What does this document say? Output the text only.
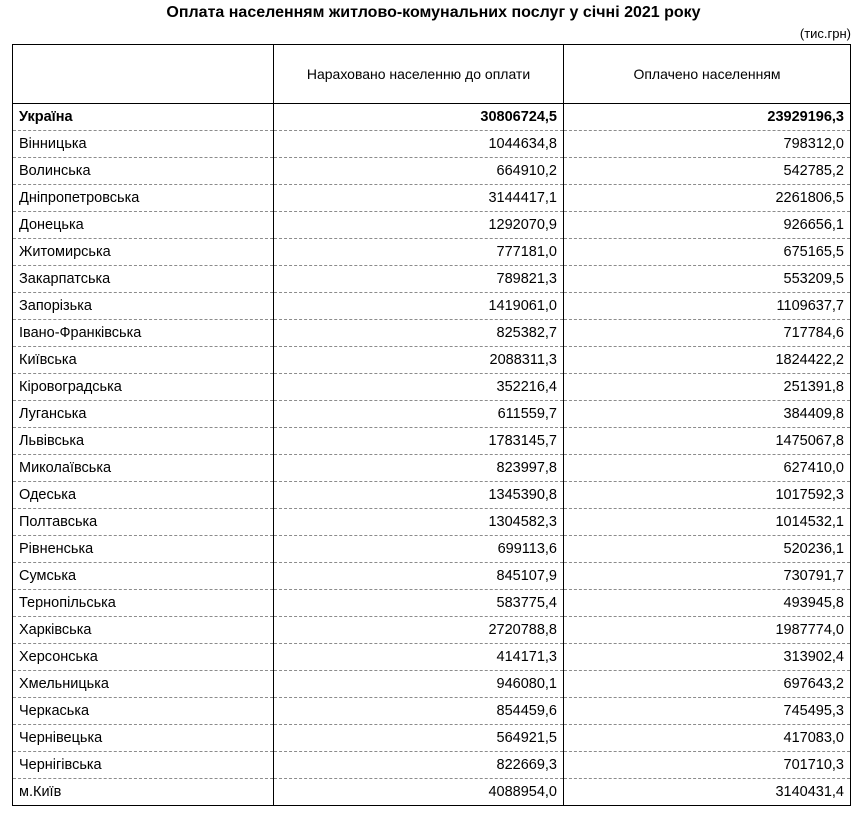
Оплата населенням житлово-комунальних послуг у січні 2021 року
(тис.грн)
	Нараховано населенню до оплати	Оплачено населенням
Україна	30806724,5	23929196,3
Вінницька	1044634,8	798312,0
Волинська	664910,2	542785,2
Дніпропетровська	3144417,1	2261806,5
Донецька	1292070,9	926656,1
Житомирська	777181,0	675165,5
Закарпатська	789821,3	553209,5
Запорізька	1419061,0	1109637,7
Івано-Франківська	825382,7	717784,6
Київська	2088311,3	1824422,2
Кіровоградська	352216,4	251391,8
Луганська	611559,7	384409,8
Львівська	1783145,7	1475067,8
Миколаївська	823997,8	627410,0
Одеська	1345390,8	1017592,3
Полтавська	1304582,3	1014532,1
Рівненська	699113,6	520236,1
Сумська	845107,9	730791,7
Тернопільська	583775,4	493945,8
Харківська	2720788,8	1987774,0
Херсонська	414171,3	313902,4
Хмельницька	946080,1	697643,2
Черкаська	854459,6	745495,3
Чернівецька	564921,5	417083,0
Чернігівська	822669,3	701710,3
м.Київ	4088954,0	3140431,4
